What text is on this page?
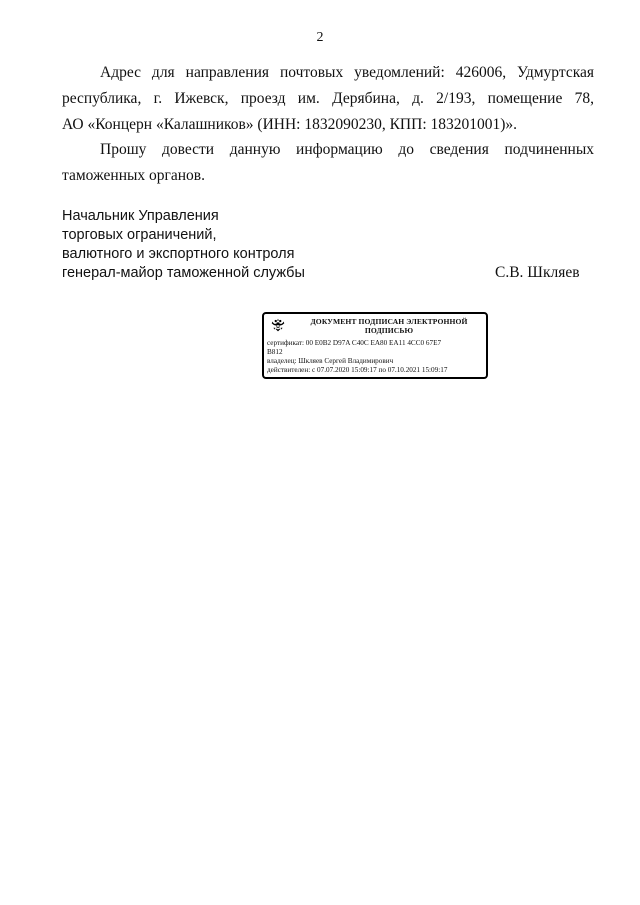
2
Адрес для направления почтовых уведомлений: 426006, Удмуртская
республика, г. Ижевск, проезд им. Дерябина, д. 2/193, помещение 78,
АО «Концерн «Калашников» (ИНН: 1832090230, КПП: 183201001)».
Прошу довести данную информацию до сведения подчиненных
таможенных органов.
Начальник Управления
торговых ограничений,
валютного и экспортного контроля
генерал-майор таможенной службы	С.В. Шкляев
ДОКУМЕНТ ПОДПИСАН ЭЛЕКТРОННОЙ
ПОДПИСЬЮ
сертификат: 00 E0B2 D97A C40C EA80 EA11 4CC0 67E7
B812
владелец: Шкляев Сергей Владимирович
действителен: с 07.07.2020 15:09:17 по 07.10.2021 15:09:17
